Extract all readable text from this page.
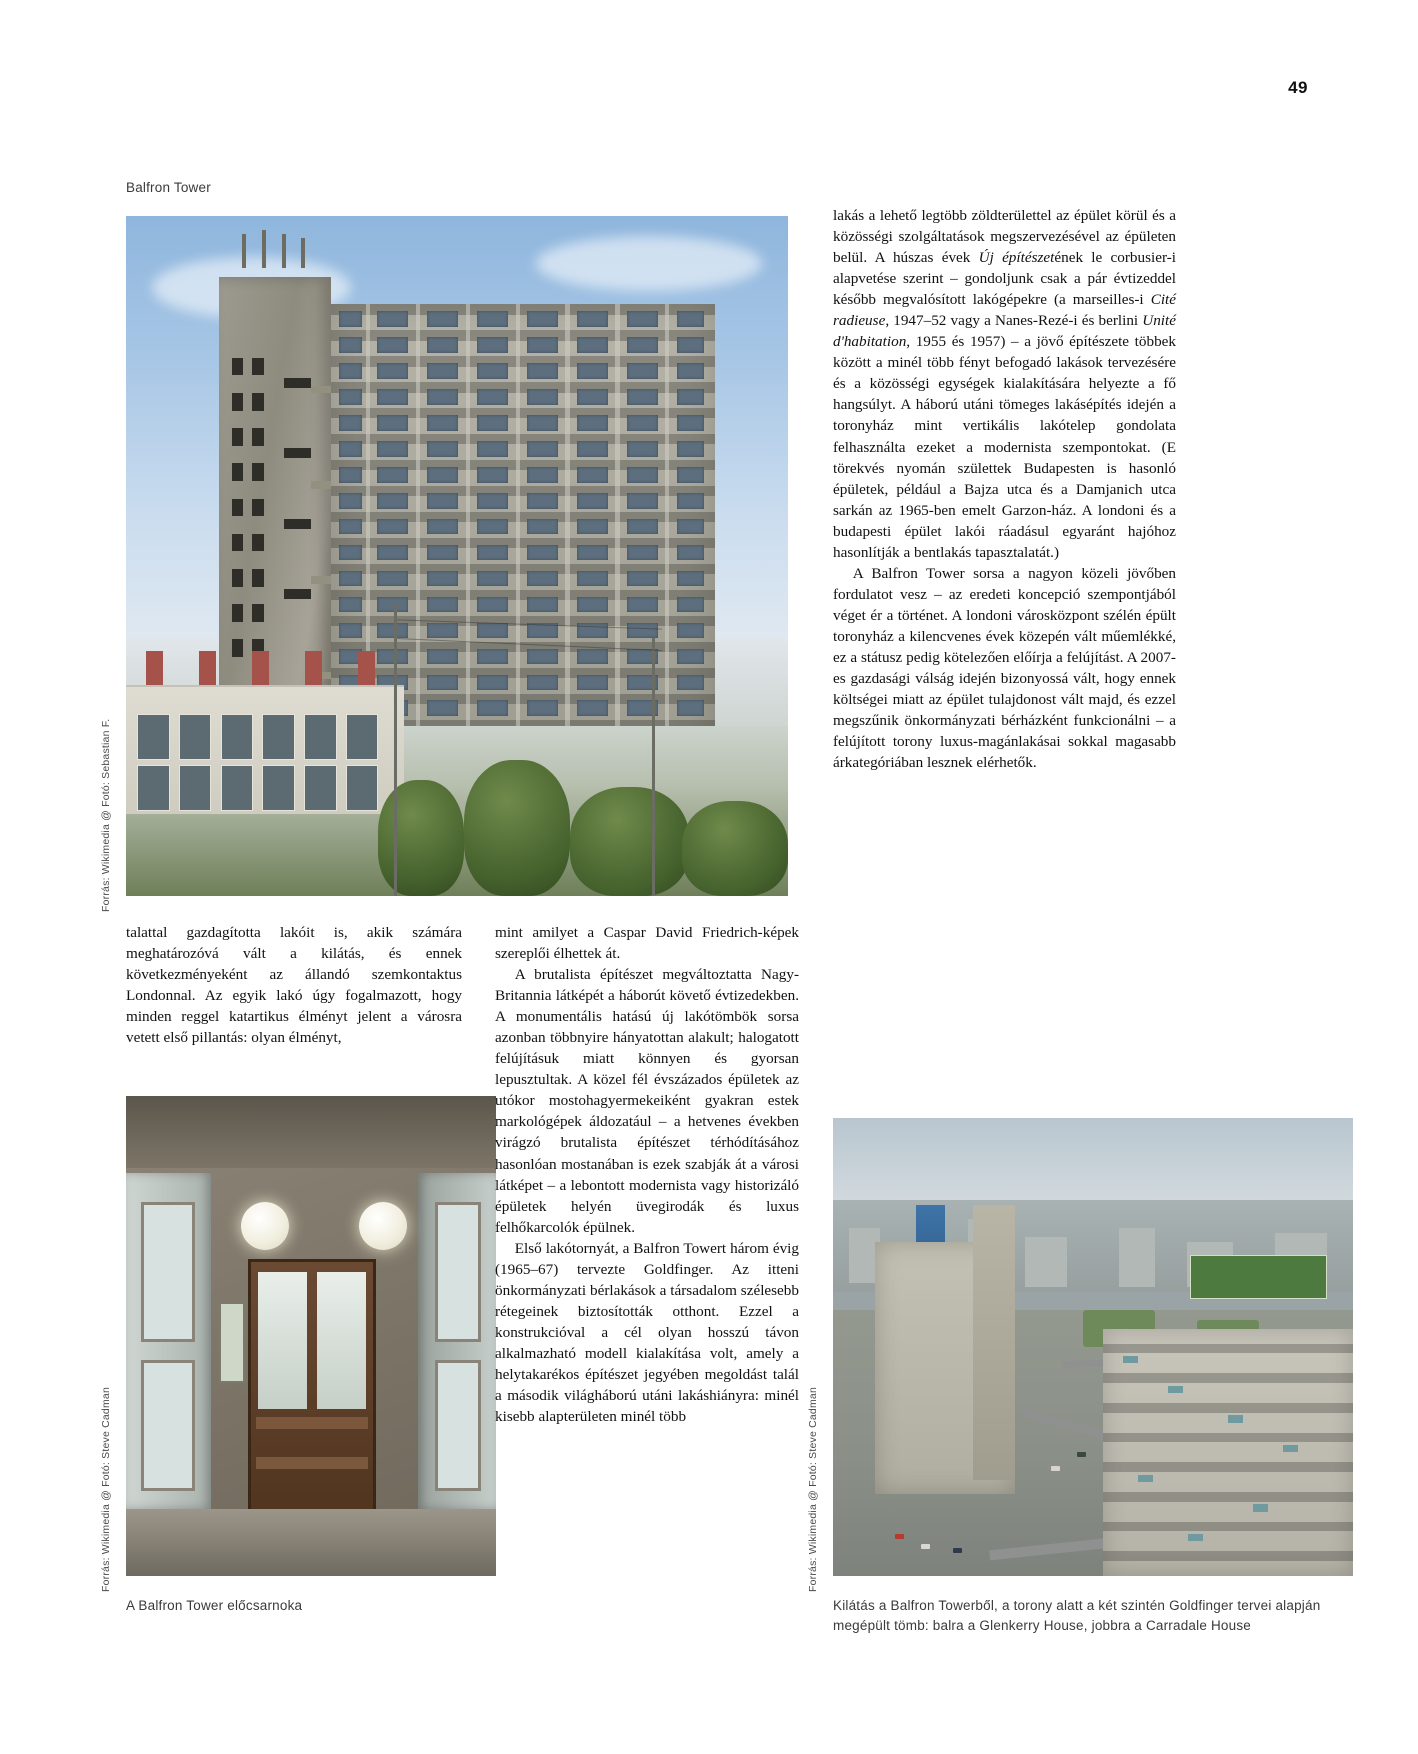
49
Balfron Tower
Forrás: Wikimedia @ Fotó: Sebastian F.
Forrás: Wikimedia @ Fotó: Steve Cadman
A Balfron Tower előcsarnoka
Forrás: Wikimedia @ Fotó: Steve Cadman
Kilátás a Balfron Towerből, a torony alatt a két szintén Goldfinger tervei alapján megépült tömb: balra a Glenkerry House, jobbra a Carradale House

talattal gazdagította lakóit is, akik számára meghatározóvá vált a kilátás, és ennek következményeként az állandó szemkontaktus Londonnal. Az egyik lakó úgy fogalmazott, hogy minden reggel katartikus élményt jelent a városra vetett első pillantás: olyan élményt,

mint amilyet a Caspar David Friedrich-képek szereplői élhettek át.

A brutalista építészet megváltoztatta Nagy-Britannia látképét a háborút követő évtizedekben. A monumentális hatású új lakótömbök sorsa azonban többnyire hányatottan alakult; halogatott felújításuk miatt könnyen és gyorsan lepusztultak. A közel fél évszázados épületek az utókor mostohagyermekeiként gyakran estek markológépek áldozatául – a hetvenes években virágzó brutalista építészet térhódításához hasonlóan mostanában is ezek szabják át a városi látképet – a lebontott modernista vagy historizáló épületek helyén üvegirodák és luxus felhőkarcolók épülnek.

Első lakótornyát, a Balfron Towert három évig (1965–67) tervezte Goldfinger. Az itteni önkormányzati bérlakások a társadalom szélesebb rétegeinek biztosították otthont. Ezzel a konstrukcióval a cél olyan hosszú távon alkalmazható modell kialakítása volt, amely a helytakarékos építészet jegyében megoldást talál a második világháború utáni lakáshiányra: minél kisebb alapterületen minél több

lakás a lehető legtöbb zöldterülettel az épület körül és a közösségi szolgáltatások megszervezésével az épületen belül. A húszas évek Új építészetének le corbusier-i alapvetése szerint – gondoljunk csak a pár évtizeddel később megvalósított lakógépekre (a marseilles-i Cité radieuse, 1947–52 vagy a Nanes-Rezé-i és berlini Unité d'habitation, 1955 és 1957) – a jövő építészete többek között a minél több fényt befogadó lakások tervezésére és a közösségi egységek kialakítására helyezte a fő hangsúlyt. A háború utáni tömeges lakásépítés idején a toronyház mint vertikális lakótelep gondolata felhasználta ezeket a modernista szempontokat. (E törekvés nyomán születtek Budapesten is hasonló épületek, például a Bajza utca és a Damjanich utca sarkán az 1965-ben emelt Garzon-ház. A londoni és a budapesti épület lakói ráadásul egyaránt hajóhoz hasonlítják a bentlakás tapasztalatát.)

A Balfron Tower sorsa a nagyon közeli jövőben fordulatot vesz – az eredeti koncepció szempontjából véget ér a történet. A londoni városközpont szélén épült toronyház a kilencvenes évek közepén vált műemlékké, ez a státusz pedig kötelezően előírja a felújítást. A 2007-es gazdasági válság idején bizonyossá vált, hogy ennek költségei miatt az épület tulajdonost vált majd, és ezzel megszűnik önkormányzati bérházként funkcionálni – a felújított torony luxus-magánlakásai sokkal magasabb árkategóriában lesznek elérhetők.
